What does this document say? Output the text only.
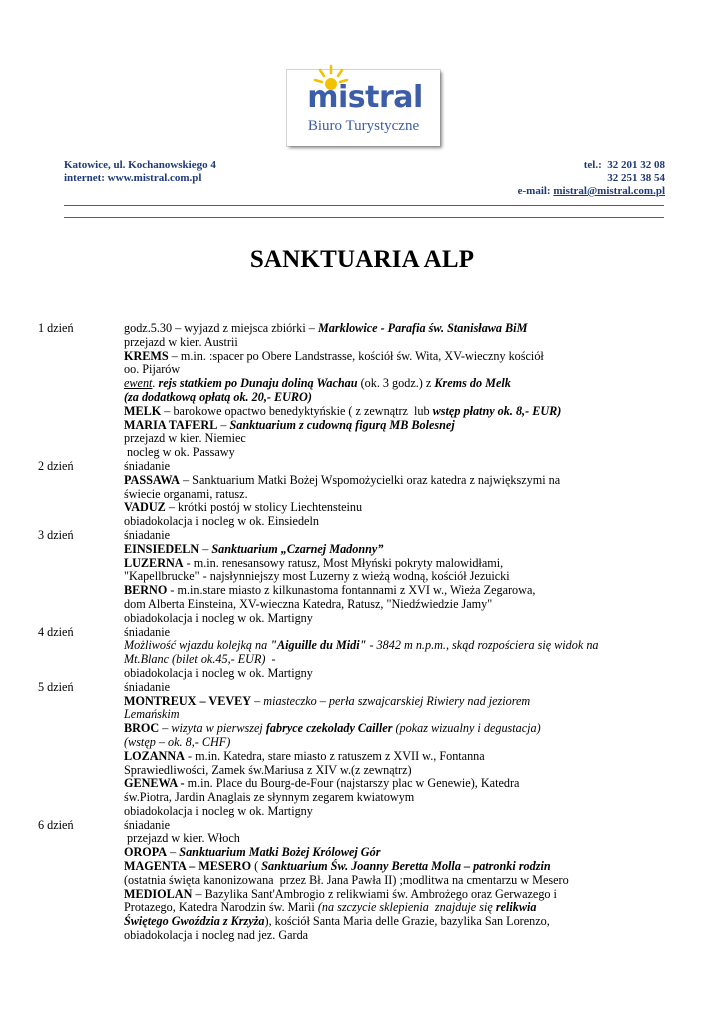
mistral
Biuro Turystyczne
Katowice, ul. Kochanowskiego 4
internet: www.mistral.com.pl
tel.: 32 201 32 08
32 251 38 54
e-mail: mistral@mistral.com.pl
SANKTUARIA ALP
1 dzień	godz.5.30 – wyjazd z miejsca zbiórki – Marklowice - Parafia św. Stanisława BiM
przejazd w kier. Austrii
KREMS – m.in. :spacer po Obere Landstrasse, kościół św. Wita, XV-wieczny kościół
oo. Pijarów
ewent. rejs statkiem po Dunaju doliną Wachau (ok. 3 godz.) z Krems do Melk
(za dodatkową opłatą ok. 20,- EURO)
MELK – barokowe opactwo benedyktyńskie ( z zewnątrz  lub wstęp płatny ok. 8,- EUR)
MARIA TAFERL – Sanktuarium z cudowną figurą MB Bolesnej
przejazd w kier. Niemiec
nocleg w ok. Passawy
2 dzień	śniadanie
PASSAWA – Sanktuarium Matki Bożej Wspomożycielki oraz katedra z największymi na
świecie organami, ratusz.
VADUZ – krótki postój w stolicy Liechtensteinu
obiadokolacja i nocleg w ok. Einsiedeln
3 dzień	śniadanie
EINSIEDELN – Sanktuarium „Czarnej Madonny”
LUZERNA - m.in. renesansowy ratusz, Most Młyński pokryty malowidłami,
"Kapellbrucke" - najsłynniejszy most Luzerny z wieżą wodną, kościół Jezuicki
BERNO - m.in.stare miasto z kilkunastoma fontannami z XVI w., Wieża Zegarowa,
dom Alberta Einsteina, XV-wieczna Katedra, Ratusz, "Niedźwiedzie Jamy"
obiadokolacja i nocleg w ok. Martigny
4 dzień	śniadanie
Możliwość wjazdu kolejką na "Aiguille du Midi" - 3842 m n.p.m., skąd rozpościera się widok na
Mt.Blanc (bilet ok.45,- EUR)  -
obiadokolacja i nocleg w ok. Martigny
5 dzień	śniadanie
MONTREUX – VEVEY – miasteczko – perła szwajcarskiej Riwiery nad jeziorem
Lemańskim
BROC – wizyta w pierwszej fabryce czekolady Cailler (pokaz wizualny i degustacja)
(wstęp – ok. 8,- CHF)
LOZANNA - m.in. Katedra, stare miasto z ratuszem z XVII w., Fontanna
Sprawiedliwości, Zamek św.Mariusa z XIV w.(z zewnątrz)
GENEWA - m.in. Place du Bourg-de-Four (najstarszy plac w Genewie), Katedra
św.Piotra, Jardin Anaglais ze słynnym zegarem kwiatowym
obiadokolacja i nocleg w ok. Martigny
6 dzień	śniadanie
przejazd w kier. Włoch
OROPA – Sanktuarium Matki Bożej Królowej Gór
MAGENTA – MESERO ( Sanktuarium Św. Joanny Beretta Molla – patronki rodzin
(ostatnia święta kanonizowana  przez Bł. Jana Pawła II) ;modlitwa na cmentarzu w Mesero
MEDIOLAN – Bazylika Sant'Ambrogio z relikwiami św. Ambrożego oraz Gerwazego i
Protazego, Katedra Narodzin św. Marii (na szczycie sklepienia  znajduje się relikwia
Świętego Gwoździa z Krzyża), kościół Santa Maria delle Grazie, bazylika San Lorenzo,
obiadokolacja i nocleg nad jez. Garda
